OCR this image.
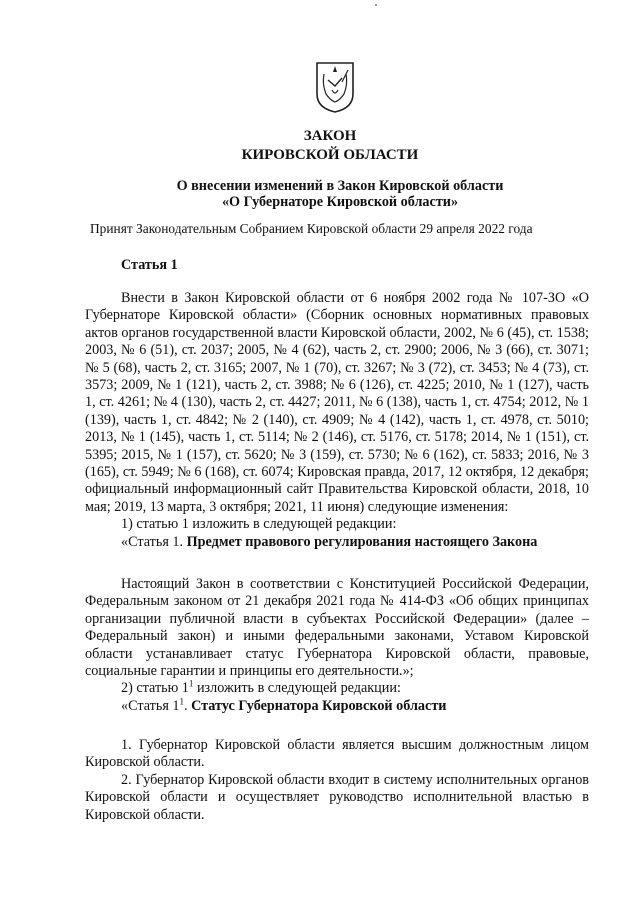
ЗАКОН
КИРОВСКОЙ ОБЛАСТИ
О внесении изменений в Закон Кировской области
«О Губернаторе Кировской области»
Принят Законодательным Собранием Кировской области 29 апреля 2022 года
Статья 1

Внести в Закон Кировской области от 6 ноября 2002 года № 107-ЗО «О Губернаторе Кировской области» (Сборник основных нормативных правовых актов органов государственной власти Кировской области, 2002, № 6 (45), ст. 1538; 2003, № 6 (51), ст. 2037; 2005, № 4 (62), часть 2, ст. 2900; 2006, № 3 (66), ст. 3071; № 5 (68), часть 2, ст. 3165; 2007, № 1 (70), ст. 3267; № 3 (72), ст. 3453; № 4 (73), ст. 3573; 2009, № 1 (121), часть 2, ст. 3988; № 6 (126), ст. 4225; 2010, № 1 (127), часть 1, ст. 4261; № 4 (130), часть 2, ст. 4427; 2011, № 6 (138), часть 1, ст. 4754; 2012, № 1 (139), часть 1, ст. 4842; № 2 (140), ст. 4909; № 4 (142), часть 1, ст. 4978, ст. 5010; 2013, № 1 (145), часть 1, ст. 5114; № 2 (146), ст. 5176, ст. 5178; 2014, № 1 (151), ст. 5395; 2015, № 1 (157), ст. 5620; № 3 (159), ст. 5730; № 6 (162), ст. 5833; 2016, № 3 (165), ст. 5949; № 6 (168), ст. 6074; Кировская правда, 2017, 12 октября, 12 декабря; официальный информационный сайт Правительства Кировской области, 2018, 10 мая; 2019, 13 марта, 3 октября; 2021, 11 июня) следующие изменения:

1) статью 1 изложить в следующей редакции:

«Статья 1. Предмет правового регулирования настоящего Закона

Настоящий Закон в соответствии с Конституцией Российской Федерации, Федеральным законом от 21 декабря 2021 года № 414-ФЗ «Об общих принципах организации публичной власти в субъектах Российской Федерации» (далее – Федеральный закон) и иными федеральными законами, Уставом Кировской области устанавливает статус Губернатора Кировской области, правовые, социальные гарантии и принципы его деятельности.»;

2) статью $1^1$ изложить в следующей редакции:

«Статья $1^1$. Статус Губернатора Кировской области

1. Губернатор Кировской области является высшим должностным лицом Кировской области.

2. Губернатор Кировской области входит в систему исполнительных органов Кировской области и осуществляет руководство исполнительной властью в Кировской области.
